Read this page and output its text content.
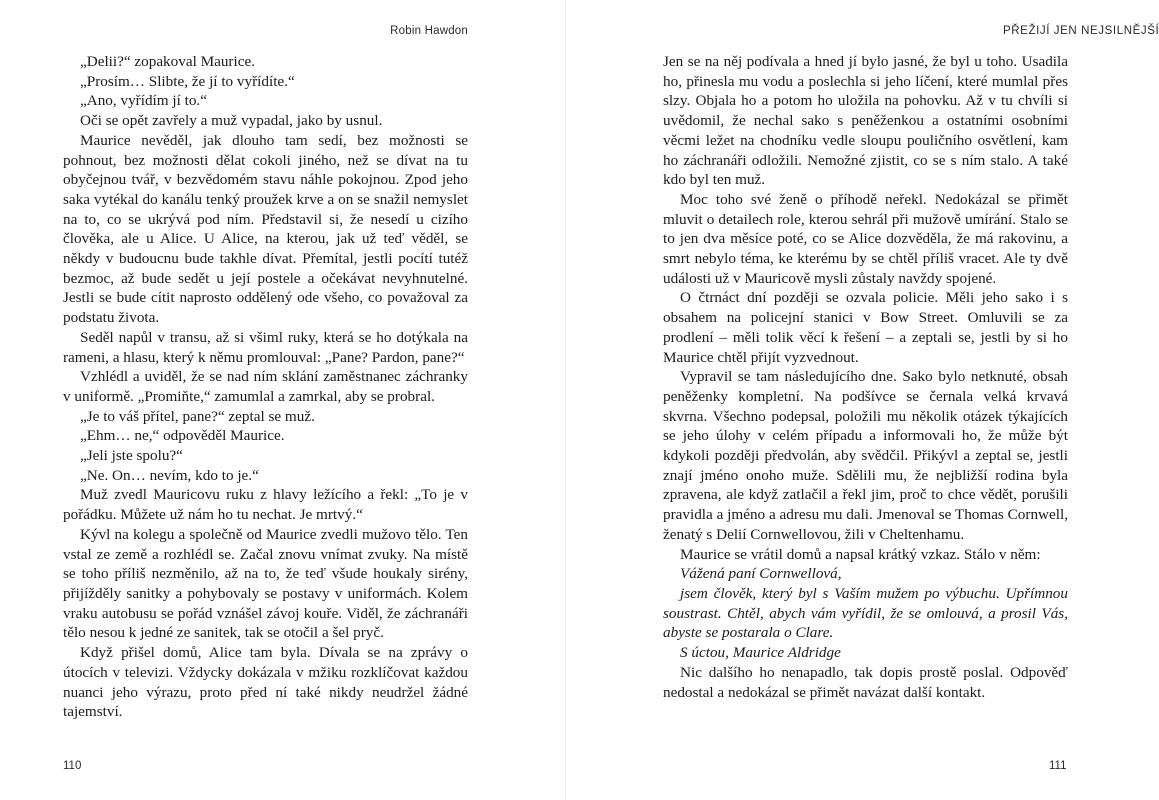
Robin Hawdon

„Delii?“ zopakoval Maurice.

„Prosím… Slibte, že jí to vyřídíte.“

„Ano, vyřídím jí to.“

Oči se opět zavřely a muž vypadal, jako by usnul.

Maurice nevěděl, jak dlouho tam sedí, bez možnosti se pohnout, bez možnosti dělat cokoli jiného, než se dívat na tu obyčejnou tvář, v bezvědomém stavu náhle pokojnou. Zpod jeho saka vytékal do kanálu tenký proužek krve a on se snažil nemyslet na to, co se ukrývá pod ním. Představil si, že nesedí u cizího člověka, ale u Alice. U Alice, na kterou, jak už teď věděl, se někdy v budoucnu bude takhle dívat. Přemítal, jestli pocítí tutéž bezmoc, až bude sedět u její postele a očekávat nevyhnutelné. Jestli se bude cítit naprosto oddělený ode všeho, co považoval za podstatu života.

Seděl napůl v transu, až si všiml ruky, která se ho dotýkala na rameni, a hlasu, který k němu promlouval: „Pane? Pardon, pane?“

Vzhlédl a uviděl, že se nad ním sklání zaměstnanec záchranky v uniformě. „Promiňte,“ zamumlal a zamrkal, aby se probral.

„Je to váš přítel, pane?“ zeptal se muž.

„Ehm… ne,“ odpověděl Maurice.

„Jeli jste spolu?“

„Ne. On… nevím, kdo to je.“

Muž zvedl Mauricovu ruku z hlavy ležícího a řekl: „To je v pořádku. Můžete už nám ho tu nechat. Je mrtvý.“

Kývl na kolegu a společně od Maurice zvedli mužovo tělo. Ten vstal ze země a rozhlédl se. Začal znovu vnímat zvuky. Na místě se toho příliš nezměnilo, až na to, že teď všude houkaly sirény, přijížděly sanitky a pohybovaly se postavy v uniformách. Kolem vraku autobusu se pořád vznášel závoj kouře. Viděl, že záchranáři tělo nesou k jedné ze sanitek, tak se otočil a šel pryč.

Když přišel domů, Alice tam byla. Dívala se na zprávy o útocích v televizi. Vždycky dokázala v mžiku rozklíčovat každou nuanci jeho výrazu, proto před ní také nikdy neudržel žádné tajemství.

110
PŘEŽIJÍ JEN NEJSILNĚJŠÍ

Jen se na něj podívala a hned jí bylo jasné, že byl u toho. Usadila ho, přinesla mu vodu a poslechla si jeho líčení, které mumlal přes slzy. Objala ho a potom ho uložila na pohovku. Až v tu chvíli si uvědomil, že nechal sako s peněženkou a ostatními osobními věcmi ležet na chodníku vedle sloupu pouličního osvětlení, kam ho záchranáři odložili. Nemožné zjistit, co se s ním stalo. A také kdo byl ten muž.

Moc toho své ženě o příhodě neřekl. Nedokázal se přimět mluvit o detailech role, kterou sehrál při mužově umírání. Stalo se to jen dva měsíce poté, co se Alice dozvěděla, že má rakovinu, a smrt nebylo téma, ke kterému by se chtěl příliš vracet. Ale ty dvě události už v Mauricově mysli zůstaly navždy spojené.

O čtrnáct dní později se ozvala policie. Měli jeho sako i s obsahem na policejní stanici v Bow Street. Omluvili se za prodlení – měli tolik věcí k řešení – a zeptali se, jestli by si ho Maurice chtěl přijít vyzvednout.

Vypravil se tam následujícího dne. Sako bylo netknuté, obsah peněženky kompletní. Na podšívce se černala velká krvavá skvrna. Všechno podepsal, položili mu několik otázek týkajících se jeho úlohy v celém případu a informovali ho, že může být kdykoli později předvolán, aby svědčil. Přikývl a zeptal se, jestli znají jméno onoho muže. Sdělili mu, že nejbližší rodina byla zpravena, ale když zatlačil a řekl jim, proč to chce vědět, porušili pravidla a jméno a adresu mu dali. Jmenoval se Thomas Cornwell, ženatý s Delií Cornwellovou, žili v Cheltenhamu.

Maurice se vrátil domů a napsal krátký vzkaz. Stálo v něm:

Vážená paní Cornwellová,

jsem člověk, který byl s Vaším mužem po výbuchu. Upřímnou soustrast. Chtěl, abych vám vyřídil, že se omlouvá, a prosil Vás, abyste se postarala o Clare.

S úctou, Maurice Aldridge

Nic dalšího ho nenapadlo, tak dopis prostě poslal. Odpověď nedostal a nedokázal se přimět navázat další kontakt.

111
